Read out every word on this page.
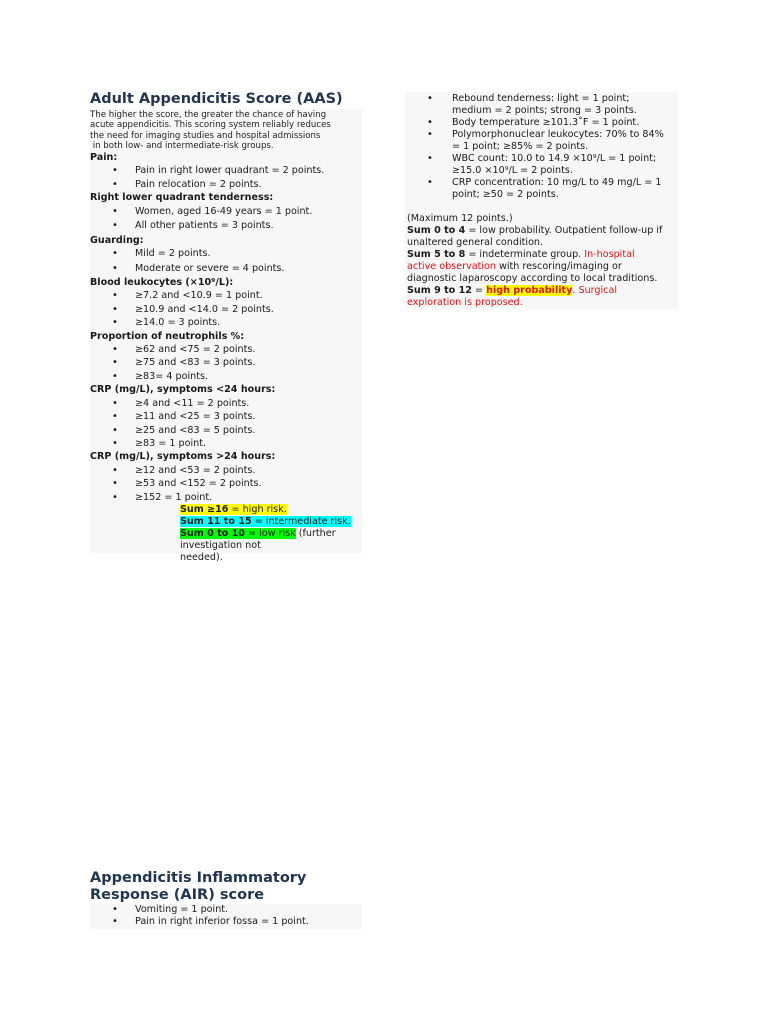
Adult Appendicitis Score (AAS)
The higher the score, the greater the chance of having
acute appendicitis. This scoring system reliably reduces
the need for imaging studies and hospital admissions
in both low- and intermediate-risk groups.
Pain:
• Pain in right lower quadrant = 2 points.
• Pain relocation = 2 points.
Right lower quadrant tenderness:
• Women, aged 16-49 years = 1 point.
• All other patients = 3 points.
Guarding:
• Mild = 2 points.
• Moderate or severe = 4 points.
Blood leukocytes (×10⁹/L):
• ≥7.2 and <10.9 = 1 point.
• ≥10.9 and <14.0 = 2 points.
• ≥14.0 = 3 points.
Proportion of neutrophils %:
• ≥62 and <75 = 2 points.
• ≥75 and <83 = 3 points.
• ≥83= 4 points.
CRP (mg/L), symptoms <24 hours:
• ≥4 and <11 = 2 points.
• ≥11 and <25 = 3 points.
• ≥25 and <83 = 5 points.
• ≥83 = 1 point.
CRP (mg/L), symptoms >24 hours:
• ≥12 and <53 = 2 points.
• ≥53 and <152 = 2 points.
• ≥152 = 1 point.
Sum ≥16 = high risk.
Sum 11 to 15 = intermediate risk.
Sum 0 to 10 = low risk (further
investigation not
needed).
• Rebound tenderness: light = 1 point;
medium = 2 points; strong = 3 points.
• Body temperature ≥101.3˚F = 1 point.
• Polymorphonuclear leukocytes: 70% to 84%
= 1 point; ≥85% = 2 points.
• WBC count: 10.0 to 14.9 ×10⁹/L = 1 point;
≥15.0 ×10⁹/L = 2 points.
• CRP concentration: 10 mg/L to 49 mg/L = 1
point; ≥50 = 2 points.
(Maximum 12 points.)
Sum 0 to 4 = low probability. Outpatient follow-up if
unaltered general condition.
Sum 5 to 8 = indeterminate group. In-hospital
active observation with rescoring/imaging or
diagnostic laparoscopy according to local traditions.
Sum 9 to 12 = high probability. Surgical
exploration is proposed.
Appendicitis Inflammatory
Response (AIR) score
• Vomiting = 1 point.
• Pain in right inferior fossa = 1 point.
